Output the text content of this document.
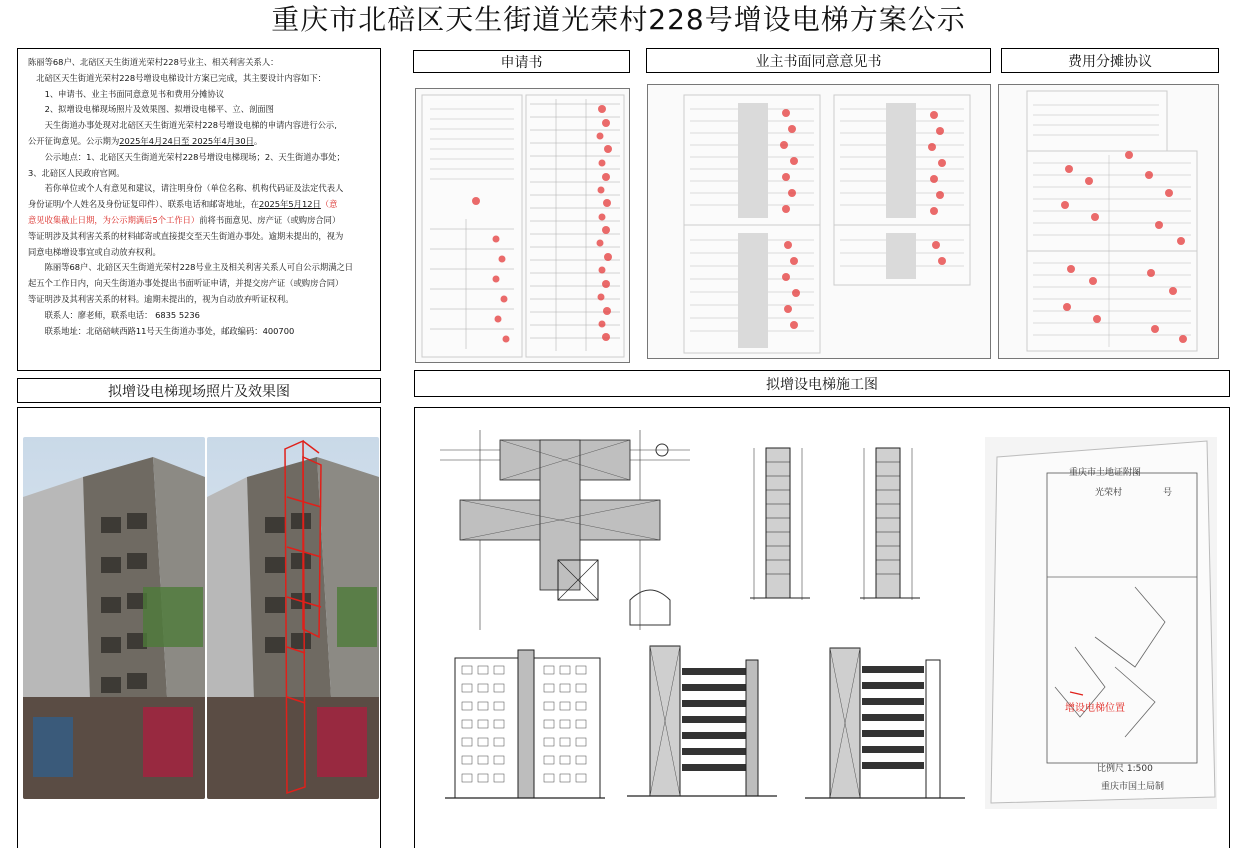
重庆市北碚区天生街道光荣村228号增设电梯方案公示

陈丽等68户、北碚区天生街道光荣村228号业主、相关利害关系人：

北碚区天生街道光荣村228号增设电梯设计方案已完成，其主要设计内容如下：

1、申请书、业主书面同意意见书和费用分摊协议

2、拟增设电梯现场照片及效果图、拟增设电梯平、立、剖面图

天生街道办事处现对北碚区天生街道光荣村228号增设电梯的申请内容进行公示,

公开征询意见。公示期为2025年4月24日至 2025年4月30日。

公示地点：1、北碚区天生街道光荣村228号增设电梯现场；2、天生街道办事处；

3、北碚区人民政府官网。

若你单位或个人有意见和建议，请注明身份（单位名称、机构代码证及法定代表人

身份证明/个人姓名及身份证复印件）、联系电话和邮寄地址，在2025年5月12日（意

意见收集截止日期，为公示期满后5个工作日）前将书面意见、房产证（或购房合同）

等证明涉及其利害关系的材料邮寄或直接提交至天生街道办事处。逾期未提出的，视为

同意电梯增设事宜或自动放弃权利。

陈丽等68户、北碚区天生街道光荣村228号业主及相关利害关系人可自公示期满之日

起五个工作日内，向天生街道办事处提出书面听证申请，并提交房产证（或购房合同）

等证明涉及其利害关系的材料。逾期未提出的，视为自动放弃听证权利。

联系人：廖老师，联系电话： 6835 5236

联系地址：北碚碚峡西路11号天生街道办事处，邮政编码：400700

申请书	业主书面同意意见书	费用分摊协议
拟增设电梯现场照片及效果图	拟增设电梯施工图
重庆市土地证附图
光荣村	号
增设电梯位置
比例尺 1:500
重庆市国土局制
